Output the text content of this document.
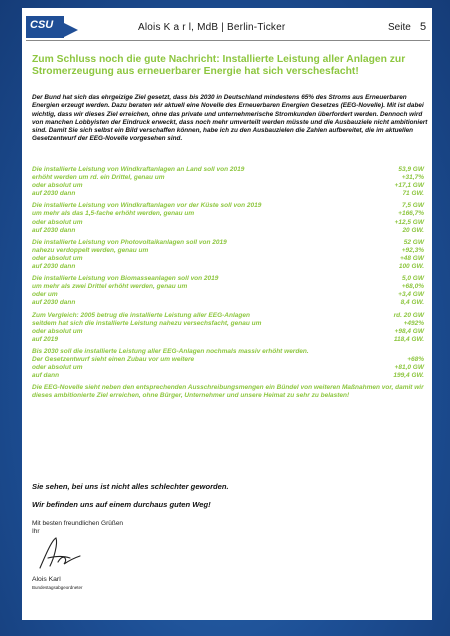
CSU	Alois K a r l, MdB | Berlin-Ticker	Seite 5

Zum Schluss noch die gute Nachricht: Installierte Leistung aller Anlagen zur Stromerzeugung aus erneuerbarer Energie hat sich verschesfacht!

Der Bund hat sich das ehrgeizige Ziel gesetzt, dass bis 2030 in Deutschland mindestens 65% des Stroms aus Erneuerbaren Energien erzeugt werden. Dazu beraten wir aktuell eine Novelle des Erneuerbaren Energien Gesetzes (EEG-Novelle). Mit ist dabei wichtig, dass wir dieses Ziel erreichen, ohne das private und unternehmerische Stromkunden überfordert werden. Dennoch wird von manchen Lobbyisten der Eindruck erweckt, dass noch mehr umverteilt werden müsste und die Ausbauziele nicht ambitioniert sind. Damit Sie sich selbst ein Bild verschaffen können, habe ich zu den Ausbauzielen die Zahlen aufbereitet, die im aktuellen Gesetzentwurf der EEG-Novelle vorgesehen sind.

Die installierte Leistung von Windkraftanlagen an Land soll von 2019	53,9 GW
erhöht werden um rd. ein Drittel, genau um	+31,7%
oder absolut um	+17,1 GW
auf 2030 dann	71 GW.
Die installierte Leistung von Windkraftanlagen vor der Küste soll von 2019	7,5 GW
um mehr als das 1,5-fache erhöht werden, genau um	+166,7%
oder absolut um	+12,5 GW
auf 2030 dann	20 GW.
Die installierte Leistung von Photovoltaikanlagen soll von 2019	52 GW
nahezu verdoppelt werden, genau um	+92,3%
oder absolut um	+48 GW
auf 2030 dann	100 GW.
Die installierte Leistung von Biomasseanlagen soll von 2019	5,0 GW
um mehr als zwei Drittel erhöht werden, genau um	+68,0%
oder um	+3,4 GW
auf 2030 dann	8,4 GW.
Zum Vergleich: 2005 betrug die installierte Leistung aller EEG-Anlagen	rd. 20 GW
seitdem hat sich die installierte Leistung nahezu versechsfacht, genau um	+492%
oder absolut um	+98,4 GW
auf 2019	118,4 GW.
Bis 2030 soll die installierte Leistung aller EEG-Anlagen nochmals massiv erhöht werden.
Der Gesetzentwurf sieht einen Zubau vor um weitere	+68%
oder absolut um	+81,0 GW
auf dann	199,4 GW.
Die EEG-Novelle sieht neben den entsprechenden Ausschreibungsmengen ein Bündel von weiteren Maßnahmen vor, damit wir dieses ambitionierte Ziel erreichen, ohne Bürger, Unternehmer und unsere Heimat zu sehr zu belasten!

Sie sehen, bei uns ist nicht alles schlechter geworden.

Wir befinden uns auf einem durchaus guten Weg!

Mit besten freundlichen Grüßen
Ihr
Alois Karl
Bundestagsabgeordneter
